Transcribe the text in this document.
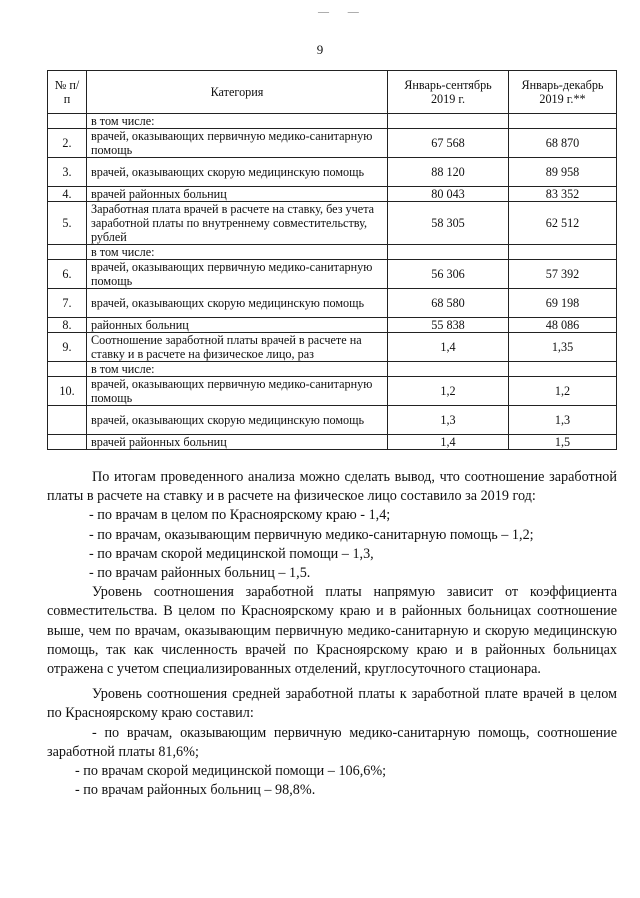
— —
9
№ п/п	Категория	Январь-сентябрь 2019 г.	Январь-декабрь 2019 г.**
	в том числе:		
2.	врачей, оказывающих первичную медико-санитарную помощь	67 568	68 870
3.	врачей, оказывающих скорую медицинскую помощь	88 120	89 958
4.	врачей районных больниц	80 043	83 352
5.	Заработная плата врачей в расчете на ставку, без учета заработной платы по внутреннему совместительству, рублей	58 305	62 512
	в том числе:		
6.	врачей, оказывающих первичную медико-санитарную помощь	56 306	57 392
7.	врачей, оказывающих скорую медицинскую помощь	68 580	69 198
8.	районных больниц	55 838	48 086
9.	Соотношение заработной платы врачей в расчете на ставку и в расчете на физическое лицо, раз	1,4	1,35
	в том числе:		
10.	врачей, оказывающих первичную медико-санитарную помощь	1,2	1,2
	врачей, оказывающих скорую медицинскую помощь	1,3	1,3
	врачей районных больниц	1,4	1,5

По итогам проведенного анализа можно сделать вывод, что соотношение заработной платы в расчете на ставку и в расчете на физическое лицо составило за 2019 год:

- по врачам в целом по Красноярскому краю - 1,4;

- по врачам, оказывающим первичную медико-санитарную помощь – 1,2;

- по врачам скорой медицинской помощи – 1,3,

- по врачам районных больниц – 1,5.

Уровень соотношения заработной платы напрямую зависит от коэффициента совместительства. В целом по Красноярскому краю и в районных больницах соотношение выше, чем по врачам, оказывающим первичную медико-санитарную и скорую медицинскую помощь, так как численность врачей по Красноярскому краю и в районных больницах отражена с учетом специализированных отделений, круглосуточного стационара.

Уровень соотношения средней заработной платы к заработной плате врачей в целом по Красноярскому краю составил:

- по врачам, оказывающим первичную медико-санитарную помощь, соотношение заработной платы 81,6%;

- по врачам скорой медицинской помощи – 106,6%;

- по врачам районных больниц – 98,8%.
